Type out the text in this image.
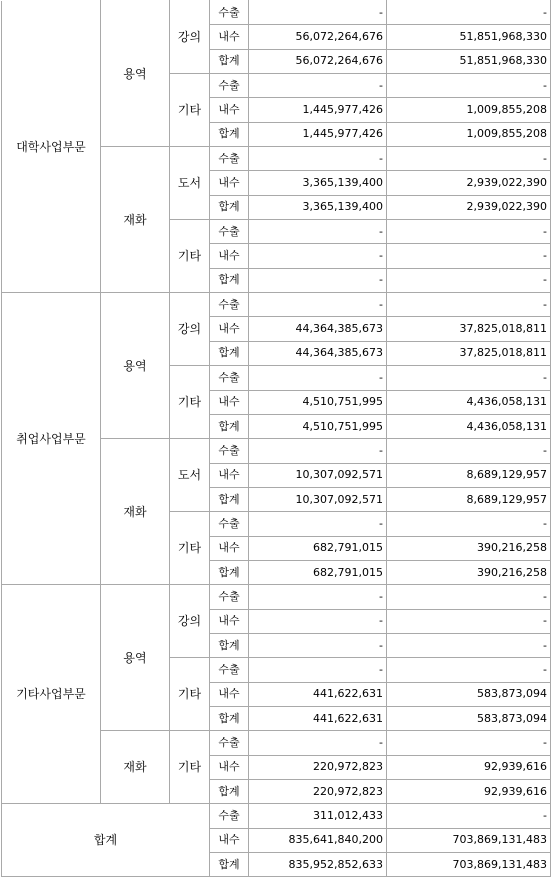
대학사업부문	용역	강의	수출	-	-
			내수	56,072,264,676	51,851,968,330
			합계	56,072,264,676	51,851,968,330
		기타	수출	-	-
			내수	1,445,977,426	1,009,855,208
			합계	1,445,977,426	1,009,855,208
	재화	도서	수출	-	-
			내수	3,365,139,400	2,939,022,390
			합계	3,365,139,400	2,939,022,390
		기타	수출	-	-
			내수	-	-
			합계	-	-
취업사업부문	용역	강의	수출	-	-
			내수	44,364,385,673	37,825,018,811
			합계	44,364,385,673	37,825,018,811
		기타	수출	-	-
			내수	4,510,751,995	4,436,058,131
			합계	4,510,751,995	4,436,058,131
	재화	도서	수출	-	-
			내수	10,307,092,571	8,689,129,957
			합계	10,307,092,571	8,689,129,957
		기타	수출	-	-
			내수	682,791,015	390,216,258
			합계	682,791,015	390,216,258
기타사업부문	용역	강의	수출	-	-
			내수	-	-
			합계	-	-
		기타	수출	-	-
			내수	441,622,631	583,873,094
			합계	441,622,631	583,873,094
	재화	기타	수출	-	-
			내수	220,972,823	92,939,616
			합계	220,972,823	92,939,616
합계			수출	311,012,433	-
			내수	835,641,840,200	703,869,131,483
			합계	835,952,852,633	703,869,131,483
